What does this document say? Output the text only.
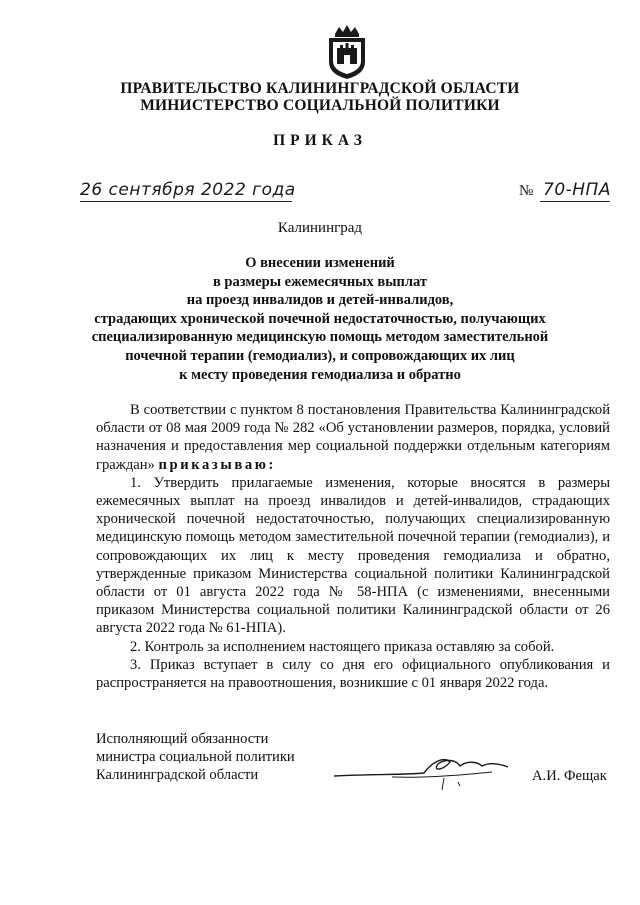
ПРАВИТЕЛЬСТВО КАЛИНИНГРАДСКОЙ ОБЛАСТИ
МИНИСТЕРСТВО СОЦИАЛЬНОЙ ПОЛИТИКИ
ПРИКАЗ
26 сентября 2022 года	№ 70-НПА
Калининград
О внесении изменений
в размеры ежемесячных выплат
на проезд инвалидов и детей-инвалидов,
страдающих хронической почечной недостаточностью, получающих
специализированную медицинскую помощь методом заместительной
почечной терапии (гемодиализ), и сопровождающих их лиц
к месту проведения гемодиализа и обратно

В соответствии с пунктом 8 постановления Правительства Калининградской области от 08 мая 2009 года № 282 «Об установлении размеров, порядка, условий назначения и предоставления мер социальной поддержки отдельным категориям граждан» приказываю:

1. Утвердить прилагаемые изменения, которые вносятся в размеры ежемесячных выплат на проезд инвалидов и детей-инвалидов, страдающих хронической почечной недостаточностью, получающих специализированную медицинскую помощь методом заместительной почечной терапии (гемодиализ), и сопровождающих их лиц к месту проведения гемодиализа и обратно, утвержденные приказом Министерства социальной политики Калининградской области от 01 августа 2022 года № 58-НПА (с изменениями, внесенными приказом Министерства социальной политики Калининградской области от 26 августа 2022 года № 61-НПА).

2. Контроль за исполнением настоящего приказа оставляю за собой.

3. Приказ вступает в силу со дня его официального опубликования и распространяется на правоотношения, возникшие с 01 января 2022 года.

Исполняющий обязанности
министра социальной политики
Калининградской области	А.И. Фещак
